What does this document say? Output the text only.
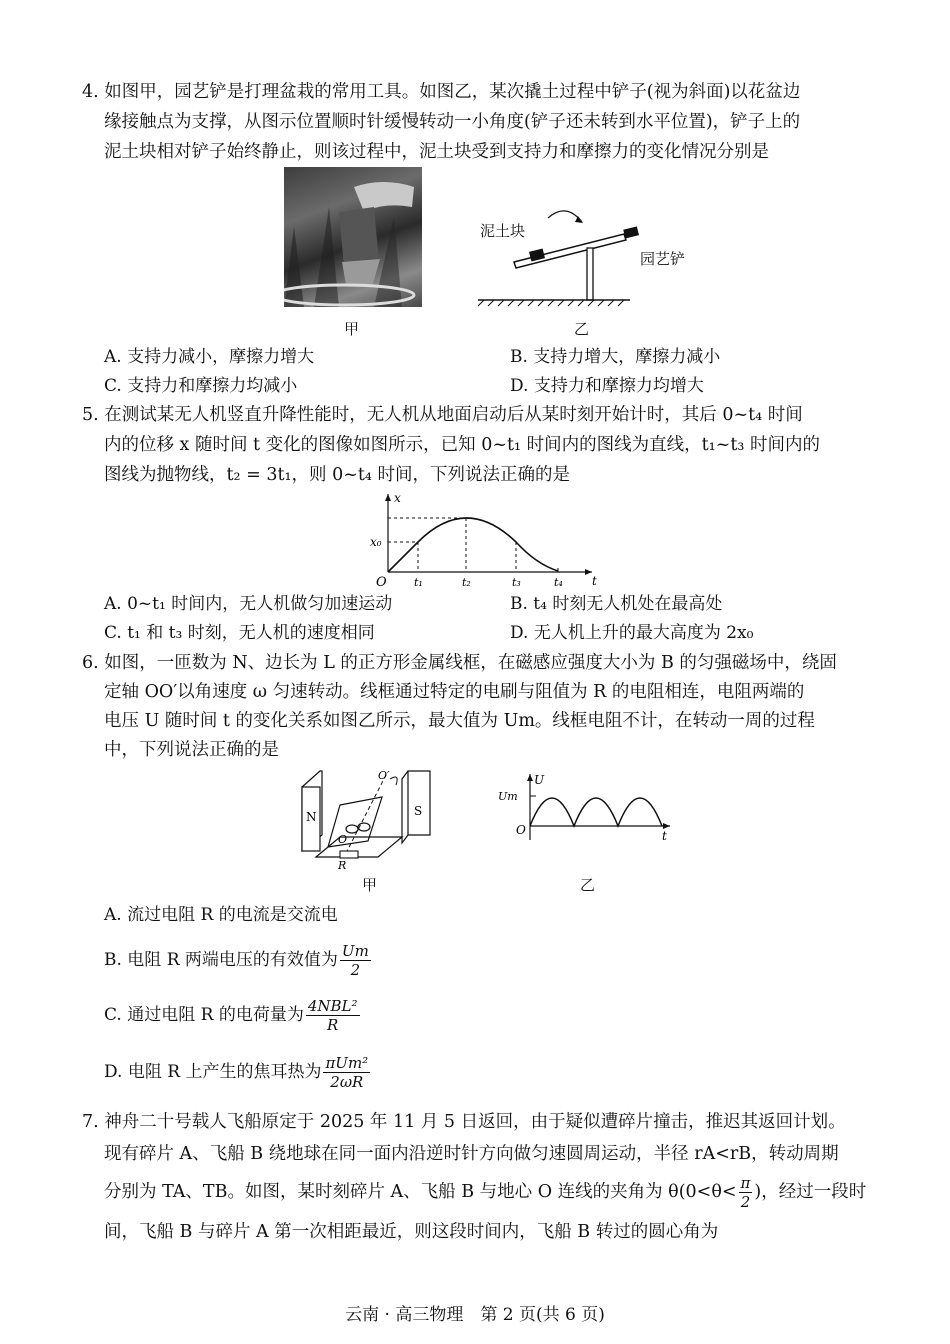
4. 如图甲，园艺铲是打理盆栽的常用工具。如图乙，某次撬土过程中铲子(视为斜面)以花盆边
缘接触点为支撑，从图示位置顺时针缓慢转动一小角度(铲子还未转到水平位置)，铲子上的
泥土块相对铲子始终静止，则该过程中，泥土块受到支持力和摩擦力的变化情况分别是
泥土块
园艺铲
甲	乙
A. 支持力减小，摩擦力增大	B. 支持力增大，摩擦力减小
C. 支持力和摩擦力均减小	D. 支持力和摩擦力均增大
5. 在测试某无人机竖直升降性能时，无人机从地面启动后从某时刻开始计时，其后 0~t₄ 时间
内的位移 x 随时间 t 变化的图像如图所示，已知 0~t₁ 时间内的图线为直线，t₁~t₃ 时间内的
图线为抛物线，t₂ = 3t₁，则 0~t₄ 时间，下列说法正确的是
x
t
O
x₀
t₁	t₂	t₃	t₄
A. 0~t₁ 时间内，无人机做匀加速运动	B. t₄ 时刻无人机处在最高处
C. t₁ 和 t₃ 时刻，无人机的速度相同	D. 无人机上升的最大高度为 2x₀
6. 如图，一匝数为 N、边长为 L 的正方形金属线框，在磁感应强度大小为 B 的匀强磁场中，绕固
定轴 OO′以角速度 ω 匀速转动。线框通过特定的电刷与阻值为 R 的电阻相连，电阻两端的
电压 U 随时间 t 的变化关系如图乙所示，最大值为 Um。线框电阻不计，在转动一周的过程
中，下列说法正确的是
N	S
O′
O
R
U
t
O
Um
甲	乙
A. 流过电阻 R 的电流是交流电
B. 电阻 R 两端电压的有效值为 $\frac{Um}{2}$
C. 通过电阻 R 的电荷量为 $\frac{\text{4NBL²}}{R}$
D. 电阻 R 上产生的焦耳热为 $\frac{\text{πUm²}}{2\omega R}$
7. 神舟二十号载人飞船原定于 2025 年 11 月 5 日返回，由于疑似遭碎片撞击，推迟其返回计划。
现有碎片 A、飞船 B 绕地球在同一面内沿逆时针方向做匀速圆周运动，半径 rA<rB，转动周期
分别为 TA、TB。如图，某时刻碎片 A、飞船 B 与地心 O 连线的夹角为 $\theta(0<\theta< \frac{\pi}{2}$ )，经过一段时
间，飞船 B 与碎片 A 第一次相距最近，则这段时间内，飞船 B 转过的圆心角为
云南 · 高三物理　第 2 页(共 6 页)
